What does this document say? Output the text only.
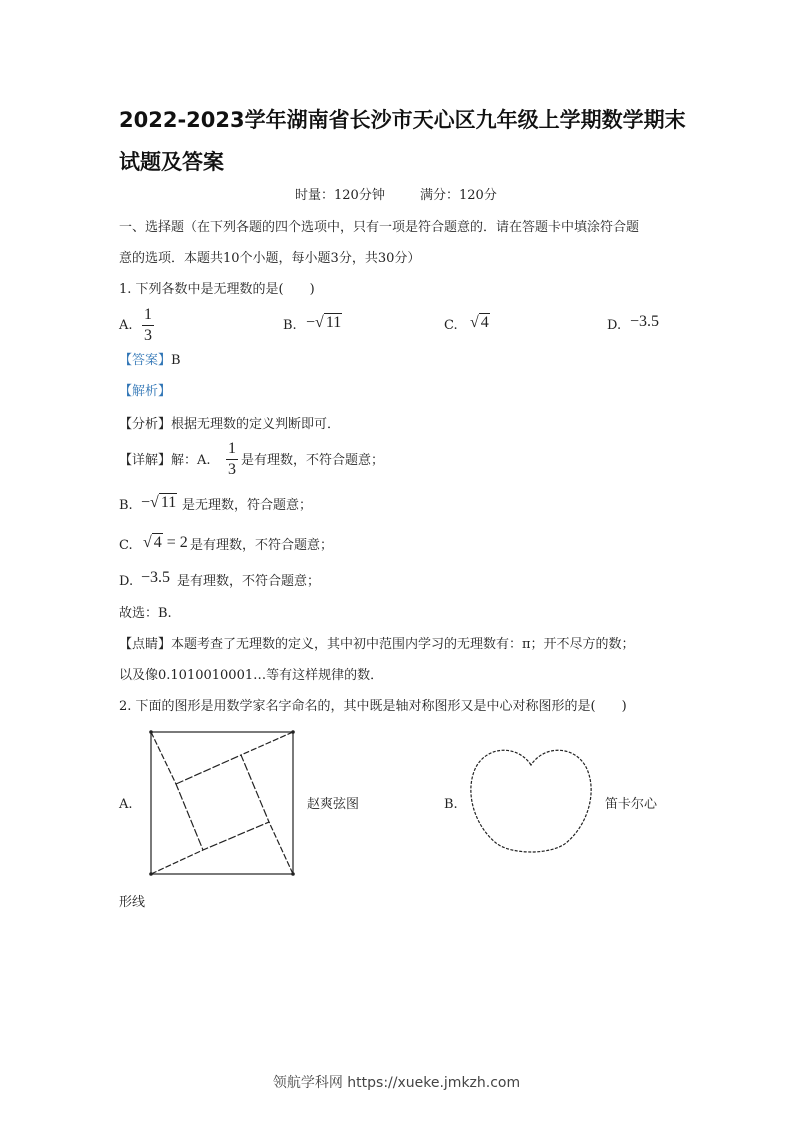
2022-2023学年湖南省长沙市天心区九年级上学期数学期末
试题及答案
时量：120分钟	满分：120分
一、选择题（在下列各题的四个选项中，只有一项是符合题意的．请在答题卡中填涂符合题
意的选项．本题共10个小题，每小题3分，共30分）
1. 下列各数中是无理数的是(　　)
A.
1
3
B. −√ 11	C. √ 4	D. −3.5
【答案】B
【解析】
【分析】根据无理数的定义判断即可．
【详解】解：A.
1
3
是有理数，不符合题意；
B. −√ 11 是无理数，符合题意；
C. √ 4 = 2 是有理数，不符合题意；
D. −3.5 是有理数，不符合题意；
故选：B.
【点睛】本题考查了无理数的定义，其中初中范围内学习的无理数有：π；开不尽方的数；
以及像0.1010010001…等有这样规律的数．
2. 下面的图形是用数学家名字命名的，其中既是轴对称图形又是中心对称图形的是(　　)
A.	赵爽弦图	B.	笛卡尔心
形线
领航学科网 https://xueke.jmkzh.com
